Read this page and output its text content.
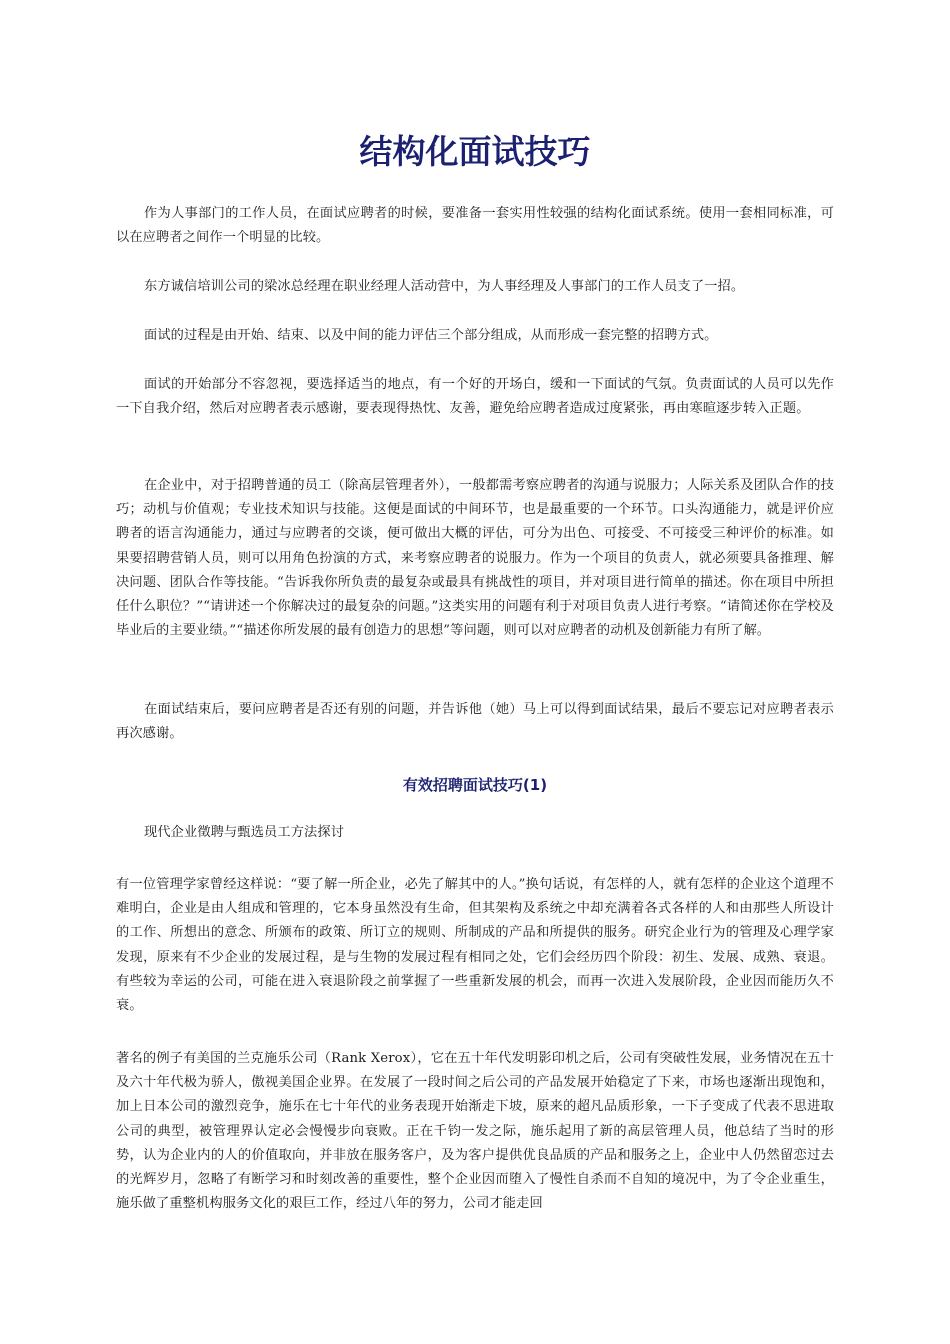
结构化面试技巧

作为人事部门的工作人员，在面试应聘者的时候，要准备一套实用性较强的结构化面试系统。使用一套相同标准，可以在应聘者之间作一个明显的比较。

东方诚信培训公司的梁冰总经理在职业经理人活动营中，为人事经理及人事部门的工作人员支了一招。

面试的过程是由开始、结束、以及中间的能力评估三个部分组成，从而形成一套完整的招聘方式。

面试的开始部分不容忽视，要选择适当的地点，有一个好的开场白，缓和一下面试的气氛。负责面试的人员可以先作一下自我介绍，然后对应聘者表示感谢，要表现得热忱、友善，避免给应聘者造成过度紧张，再由寒暄逐步转入正题。

在企业中，对于招聘普通的员工（除高层管理者外），一般都需考察应聘者的沟通与说服力；人际关系及团队合作的技巧；动机与价值观；专业技术知识与技能。这便是面试的中间环节，也是最重要的一个环节。口头沟通能力，就是评价应聘者的语言沟通能力，通过与应聘者的交谈，便可做出大概的评估，可分为出色、可接受、不可接受三种评价的标准。如果要招聘营销人员，则可以用角色扮演的方式，来考察应聘者的说服力。作为一个项目的负责人，就必须要具备推理、解决问题、团队合作等技能。“告诉我你所负责的最复杂或最具有挑战性的项目，并对项目进行简单的描述。你在项目中所担任什么职位？”“请讲述一个你解决过的最复杂的问题。”这类实用的问题有利于对项目负责人进行考察。“请简述你在学校及毕业后的主要业绩。”“描述你所发展的最有创造力的思想”等问题，则可以对应聘者的动机及创新能力有所了解。

在面试结束后，要问应聘者是否还有别的问题，并告诉他（她）马上可以得到面试结果，最后不要忘记对应聘者表示再次感谢。

有效招聘面试技巧(1)

现代企业徵聘与甄选员工方法探讨

有一位管理学家曾经这样说：“要了解一所企业，必先了解其中的人。”换句话说，有怎样的人，就有怎样的企业这个道理不难明白，企业是由人组成和管理的，它本身虽然没有生命，但其架构及系统之中却充满着各式各样的人和由那些人所设计的工作、所想出的意念、所颁布的政策、所订立的规则、所制成的产品和所提供的服务。研究企业行为的管理及心理学家发现，原来有不少企业的发展过程，是与生物的发展过程有相同之处，它们会经历四个阶段：初生、发展、成熟、衰退。有些较为幸运的公司，可能在进入衰退阶段之前掌握了一些重新发展的机会，而再一次进入发展阶段，企业因而能历久不衰。

著名的例子有美国的兰克施乐公司（Rank Xerox），它在五十年代发明影印机之后，公司有突破性发展，业务情况在五十及六十年代极为骄人，傲视美国企业界。在发展了一段时间之后公司的产品发展开始稳定了下来，市场也逐渐出现饱和，加上日本公司的激烈竞争，施乐在七十年代的业务表现开始渐走下坡，原来的超凡品质形象，一下子变成了代表不思进取公司的典型，被管理界认定必会慢慢步向衰败。正在千钧一发之际，施乐起用了新的高层管理人员，他总结了当时的形势，认为企业内的人的价值取向，并非放在服务客户，及为客户提供优良品质的产品和服务之上，企业中人仍然留恋过去的光辉岁月，忽略了有断学习和时刻改善的重要性，整个企业因而堕入了慢性自杀而不自知的境况中，为了令企业重生，施乐做了重整机构服务文化的艰巨工作，经过八年的努力，公司才能走回
